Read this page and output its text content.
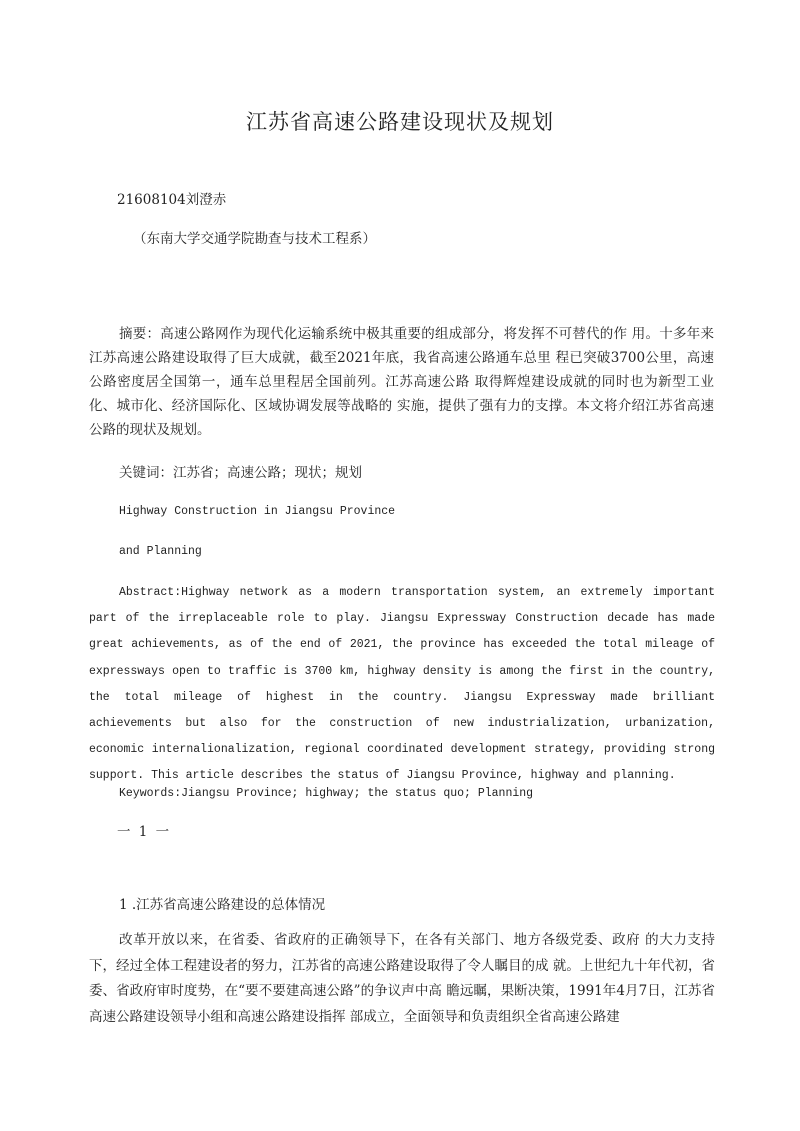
江苏省高速公路建设现状及规划
21608104刘澄赤
（东南大学交通学院勘查与技术工程系）
摘要：高速公路网作为现代化运输系统中极其重要的组成部分，将发挥不可替代的作 用。十多年来江苏高速公路建设取得了巨大成就，截至2021年底，我省高速公路通车总里 程已突破3700公里，高速公路密度居全国第一，通车总里程居全国前列。江苏高速公路 取得辉煌建设成就的同时也为新型工业化、城市化、经济国际化、区域协调发展等战略的 实施，提供了强有力的支撑。本文将介绍江苏省高速公路的现状及规划。
关键词：江苏省；高速公路；现状；规划
Highway Construction in Jiangsu Province
and Planning
Abstract:Highway network as a modern transportation system, an extremely important part of the irreplaceable role to play. Jiangsu Expressway Construction decade has made great achievements, as of the end of 2021, the province has exceeded the total mileage of expressways open to traffic is 3700 km, highway density is among the first in the country, the total mileage of highest in the country. Jiangsu Expressway made brilliant achievements but also for the construction of new industrialization, urbanization, economic internalionalization, regional coordinated development strategy, providing strong support. This article describes the status of Jiangsu Province, highway and planning.
Keywords:Jiangsu Province; highway; the status quo; Planning
一 1 一
1 .江苏省高速公路建设的总体情况
改革开放以来，在省委、省政府的正确领导下，在各有关部门、地方各级党委、政府 的大力支持下，经过全体工程建设者的努力，江苏省的高速公路建设取得了令人瞩目的成 就。上世纪九十年代初，省委、省政府审时度势，在“要不要建高速公路”的争议声中高 瞻远瞩，果断决策，1991年4月7日，江苏省高速公路建设领导小组和高速公路建设指挥 部成立，全面领导和负责组织全省高速公路建
